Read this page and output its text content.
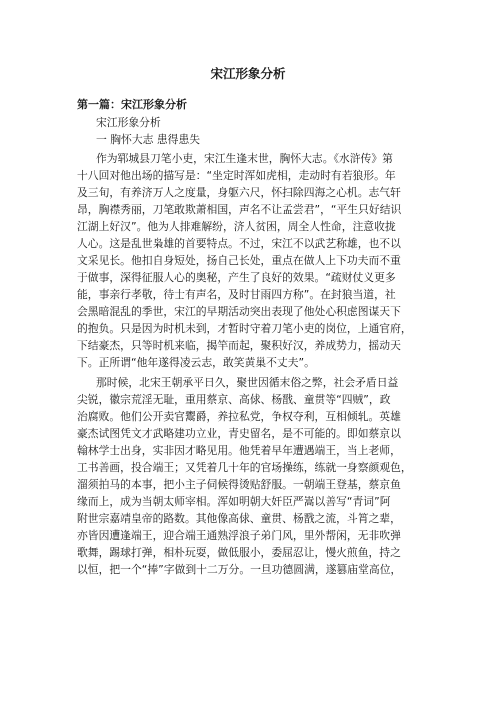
宋江形象分析
第一篇：宋江形象分析
宋江形象分析
一 胸怀大志 患得患失
作为郓城县刀笔小吏，宋江生逢末世，胸怀大志。《水浒传》第
十八回对他出场的描写是：“坐定时浑如虎相，走动时有若狼形。年
及三旬，有养济万人之度量，身躯六尺，怀扫除四海之心机。志气轩
昂，胸襟秀丽，刀笔敢欺萧相国，声名不让孟尝君”，“平生只好结识
江湖上好汉”。他为人排难解纷，济人贫困，周全人性命，注意收拢
人心。这是乱世枭雄的首要特点。不过，宋江不以武艺称雄，也不以
文采见长。他扣自身短处，扬自己长处，重点在做人上下功夫而不重
于做事，深得征服人心的奥秘，产生了良好的效果。“疏财仗义更多
能，事亲行孝敬，待士有声名，及时甘雨四方称”。在封狼当道，社
会黑暗混乱的季世，宋江的早期活动突出表现了他处心积虑图谋天下
的抱负。只是因为时机未到，才暂时守着刀笔小吏的岗位，上通官府，
下结豪杰，只等时机来临，揭竿而起，聚积好汉，养成势力，摇动天
下。正所谓“他年遂得凌云志，敢笑黄巢不丈夫”。
那时候，北宋王朝承平日久，聚世因循末俗之弊，社会矛盾日益
尖锐，徽宗荒淫无耻，重用蔡京、高俅、杨戬、童贯等“四贼”，政
治腐败。他们公开卖官鬻爵，养拉私党，争权夺利，互相倾轧。英雄
豪杰试图凭文才武略建功立业，青史留名，是不可能的。即如蔡京以
翰林学士出身，实非因才略见用。他凭着早年遭遇端王，当上老师，
工书善画，投合端王；又凭着几十年的官场操练，练就一身察颜观色，
溜须拍马的本事，把小主子伺候得烫贴舒服。一朝端王登基，蔡京鱼
缘而上，成为当朝太师宰相。浑如明朝大奸臣严嵩以善写“青词”阿
附世宗嘉靖皇帝的路数。其他像高俅、童贯、杨戬之流，斗筲之辈，
亦皆因遭逢端王，迎合端王通熟浮浪子弟门风，里外帮闲，无非吹弹
歌舞，踢球打弹，相朴玩耍，做低服小，委屈忍让，慢火煎鱼，持之
以恒，把一个“捧”字做到十二万分。一旦功德圆满，遂篡庙堂高位，
